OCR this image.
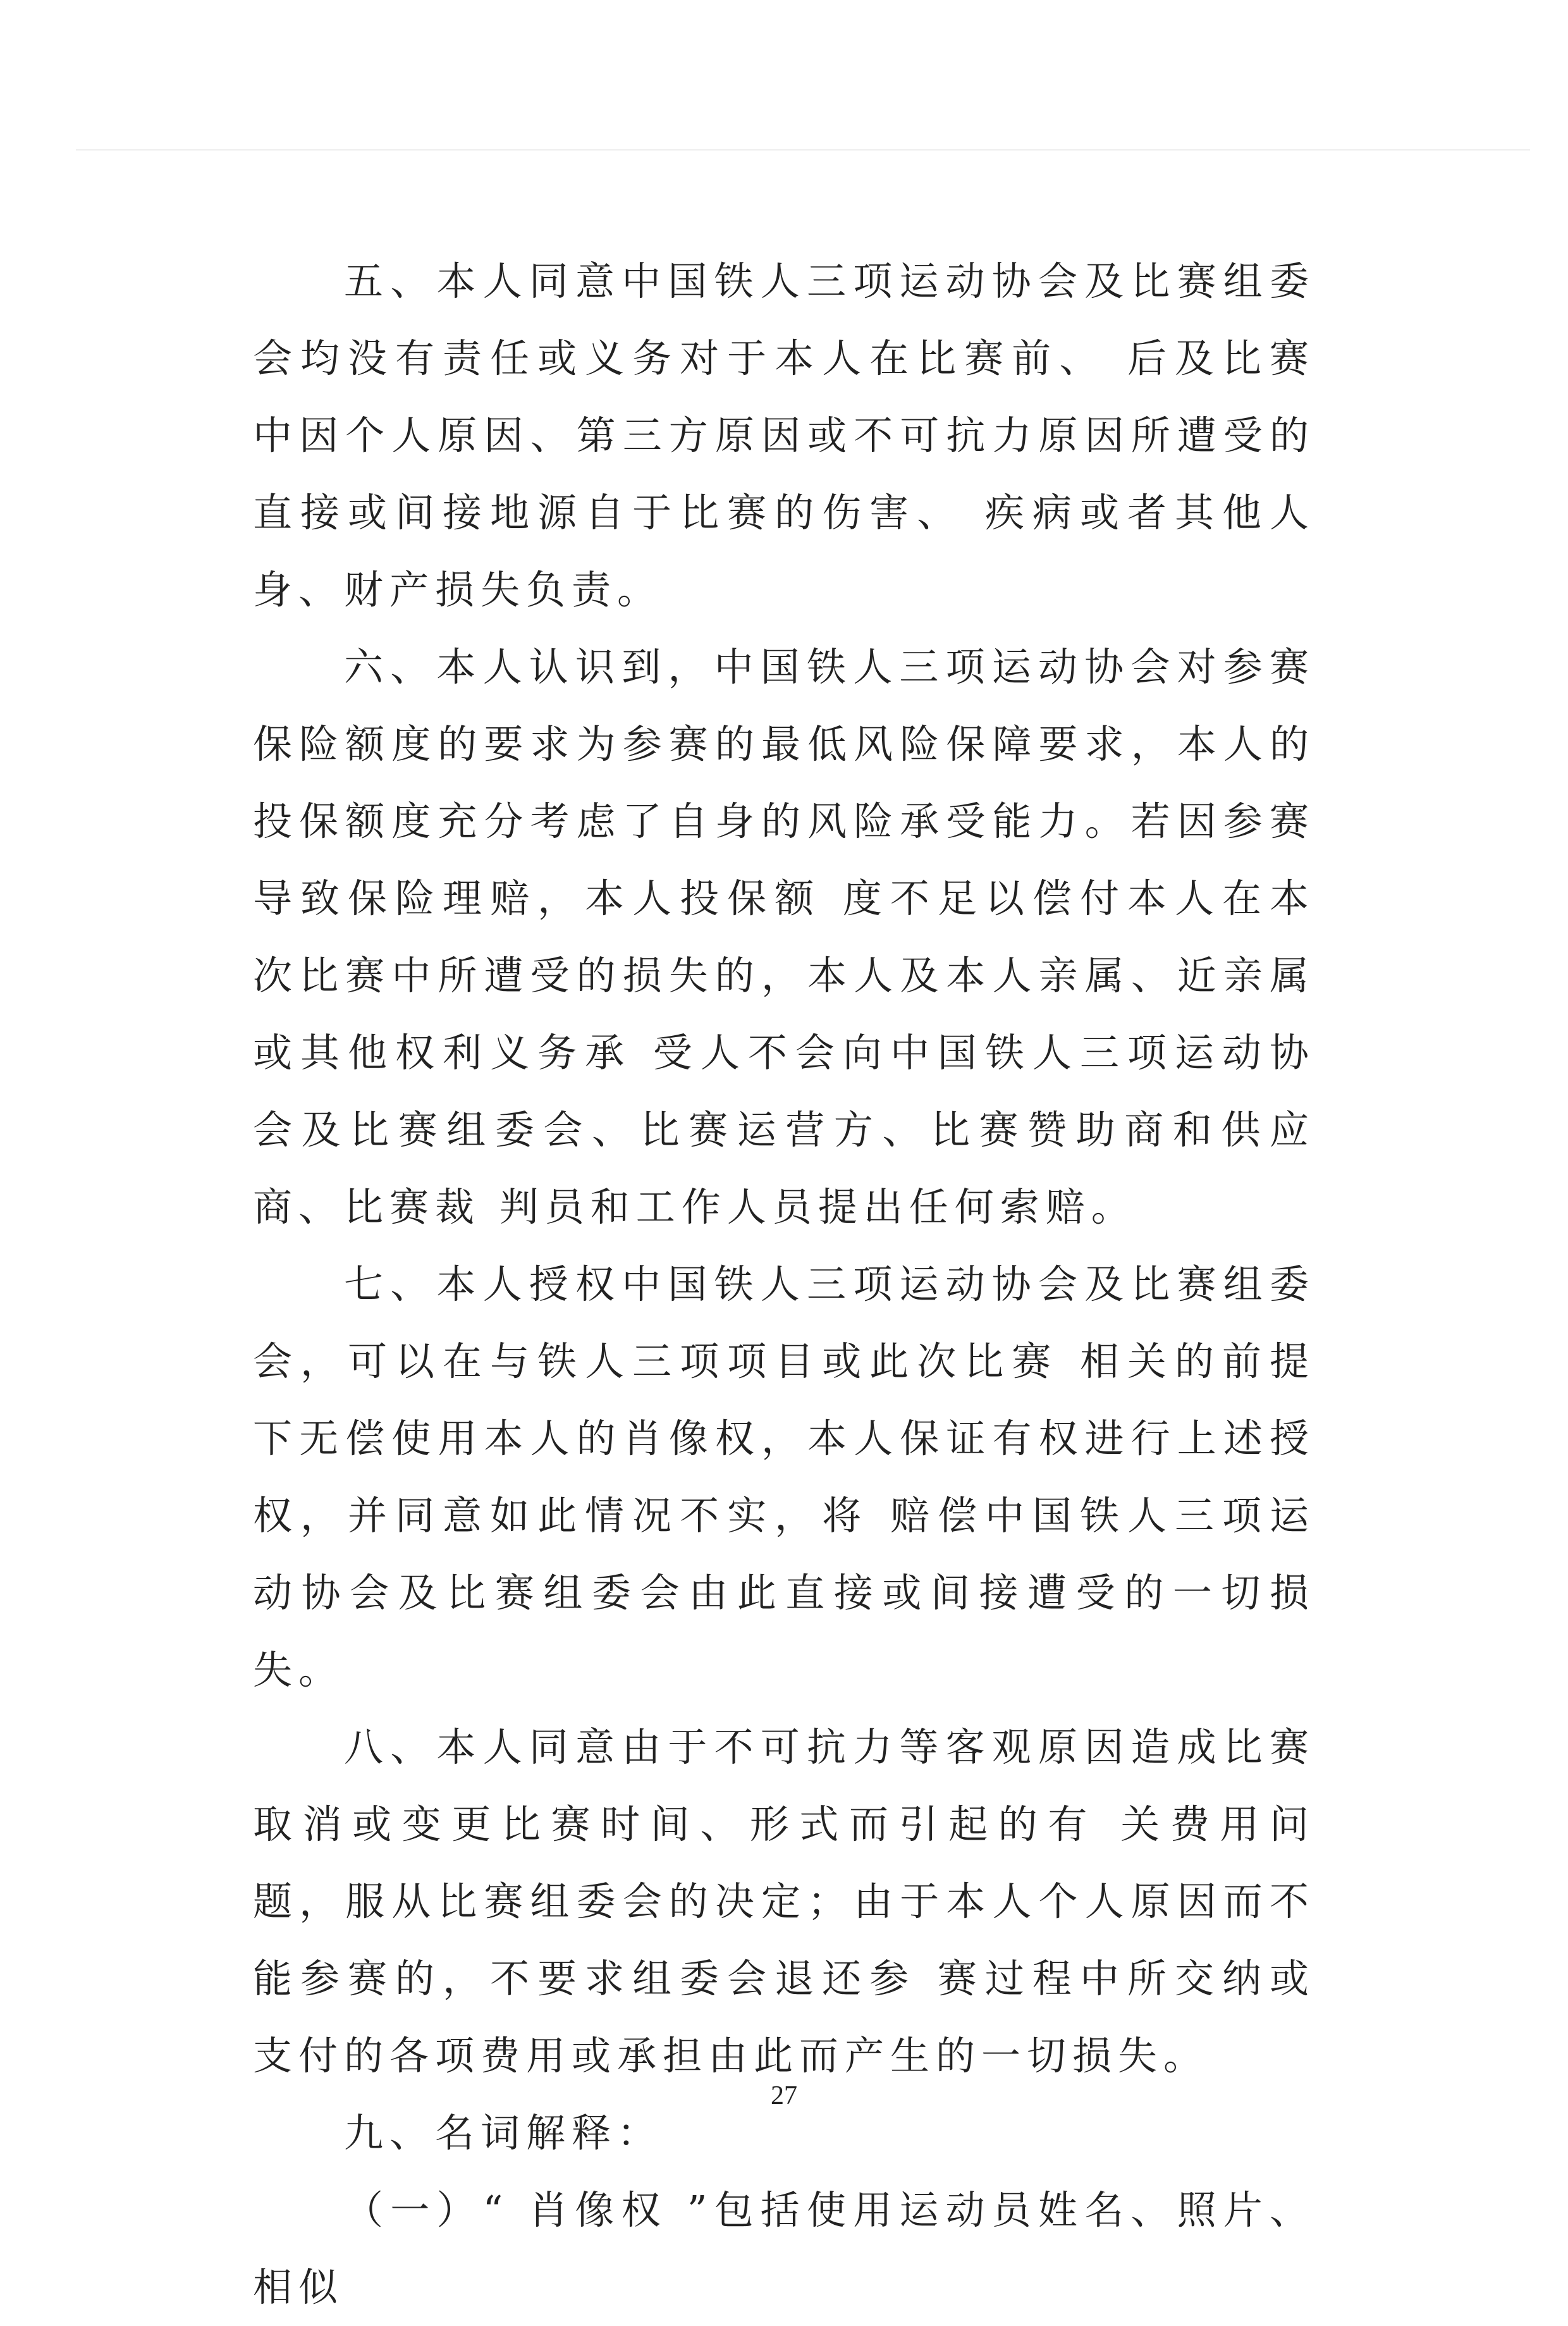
五、本人同意中国铁人三项运动协会及比赛组委会均没有责任或义务对于本人在比赛前、 后及比赛中因个人原因、第三方原因或不可抗力原因所遭受的直接或间接地源自于比赛的伤害、 疾病或者其他人身、财产损失负责。

六、本人认识到，中国铁人三项运动协会对参赛保险额度的要求为参赛的最低风险保障要求，本人的投保额度充分考虑了自身的风险承受能力。若因参赛导致保险理赔，本人投保额 度不足以偿付本人在本次比赛中所遭受的损失的，本人及本人亲属、近亲属或其他权利义务承 受人不会向中国铁人三项运动协会及比赛组委会、比赛运营方、比赛赞助商和供应商、比赛裁 判员和工作人员提出任何索赔。

七、本人授权中国铁人三项运动协会及比赛组委会，可以在与铁人三项项目或此次比赛 相关的前提下无偿使用本人的肖像权，本人保证有权进行上述授权，并同意如此情况不实，将 赔偿中国铁人三项运动协会及比赛组委会由此直接或间接遭受的一切损失。

八、本人同意由于不可抗力等客观原因造成比赛取消或变更比赛时间、形式而引起的有 关费用问题，服从比赛组委会的决定；由于本人个人原因而不能参赛的，不要求组委会退还参 赛过程中所交纳或支付的各项费用或承担由此而产生的一切损失。

九、名词解释：

（一）“ 肖像权 ”包括使用运动员姓名、照片、相似

27
